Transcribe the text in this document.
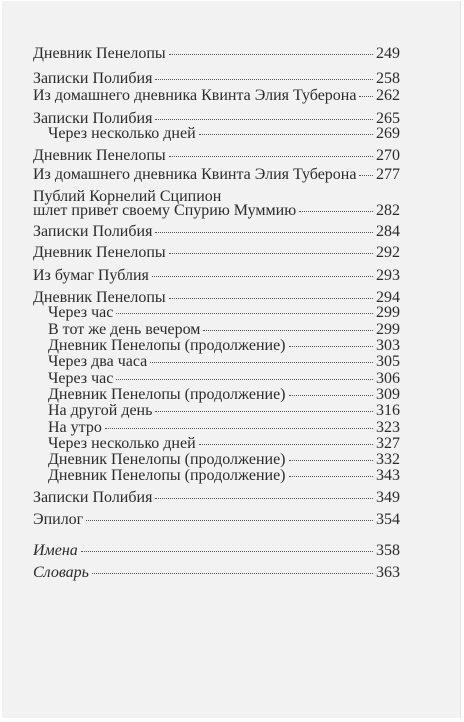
Дневник Пенелопы	249
Записки Полибия	258
Из домашнего дневника Квинта Элия Туберона 262
Записки Полибия	265
Через несколько дней	269
Дневник Пенелопы	270
Из домашнего дневника Квинта Элия Туберона 277
Публий Корнелий Сципион
шлет привет своему Спурию Муммию	282
Записки Полибия	284
Дневник Пенелопы	292
Из бумаг Публия	293
Дневник Пенелопы	294
Через час	299
В тот же день вечером	299
Дневник Пенелопы (продолжение)	303
Через два часа	305
Через час	306
Дневник Пенелопы (продолжение)	309
На другой день	316
На утро	323
Через несколько дней	327
Дневник Пенелопы (продолжение)	332
Дневник Пенелопы (продолжение)	343
Записки Полибия	349
Эпилог	354
Имена	358
Словарь	363
